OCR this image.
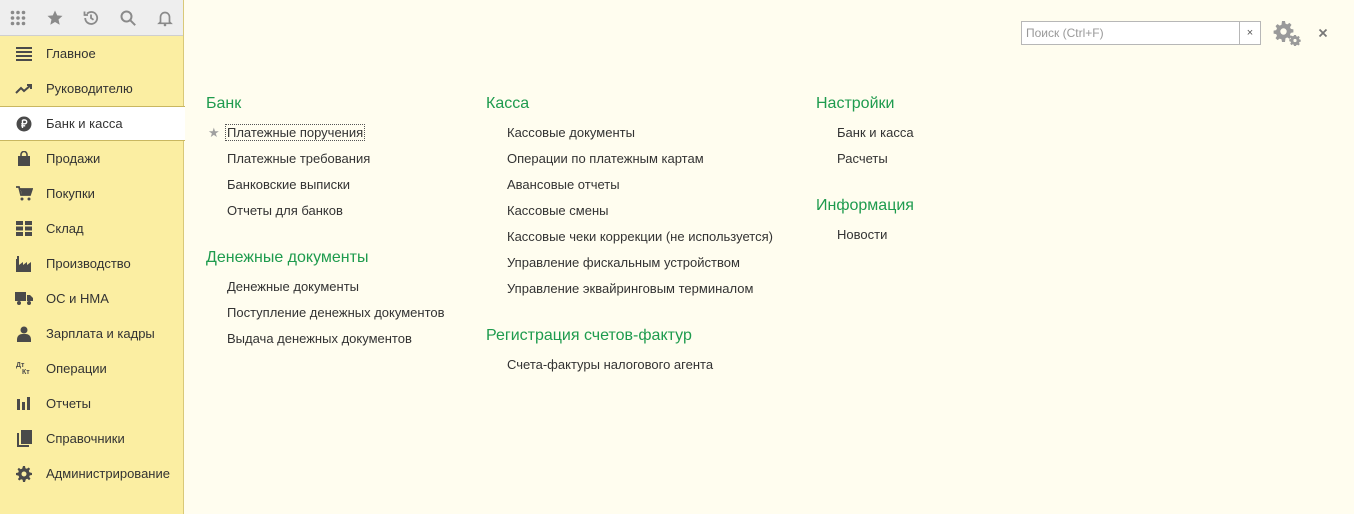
Главное
Руководителю
Банк и касса
Продажи
Покупки
Склад
Производство
ОС и НМА
Зарплата и кадры
Дт
Кт Операции
Отчеты
Справочники
Администрирование
Поиск (Ctrl+F)
×
Банк
★ Платежные поручения
Платежные требования
Банковские выписки
Отчеты для банков
Денежные документы
Денежные документы
Поступление денежных документов
Выдача денежных документов
Касса
Кассовые документы
Операции по платежным картам
Авансовые отчеты
Кассовые смены
Кассовые чеки коррекции (не используется)
Управление фискальным устройством
Управление эквайринговым терминалом
Регистрация счетов-фактур
Счета-фактуры налогового агента
Настройки
Банк и касса
Расчеты
Информация
Новости
